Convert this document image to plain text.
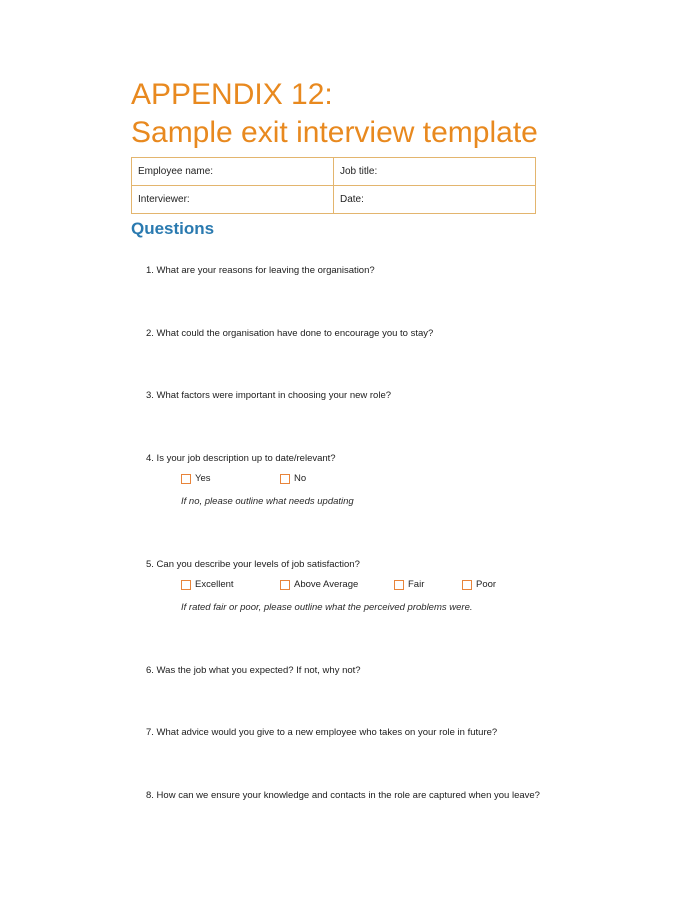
APPENDIX 12:
Sample exit interview template
Employee name:	Job title:
Interviewer:	Date:
Questions
1. What are your reasons for leaving the organisation?
2. What could the organisation have done to encourage you to stay?
3. What factors were important in choosing your new role?
4. Is your job description up to date/relevant?
Yes	No
If no, please outline what needs updating
5. Can you describe your levels of job satisfaction?
Excellent	Above Average	Fair	Poor
If rated fair or poor, please outline what the perceived problems were.
6. Was the job what you expected? If not, why not?
7. What advice would you give to a new employee who takes on your role in future?
8. How can we ensure your knowledge and contacts in the role are captured when you leave?
